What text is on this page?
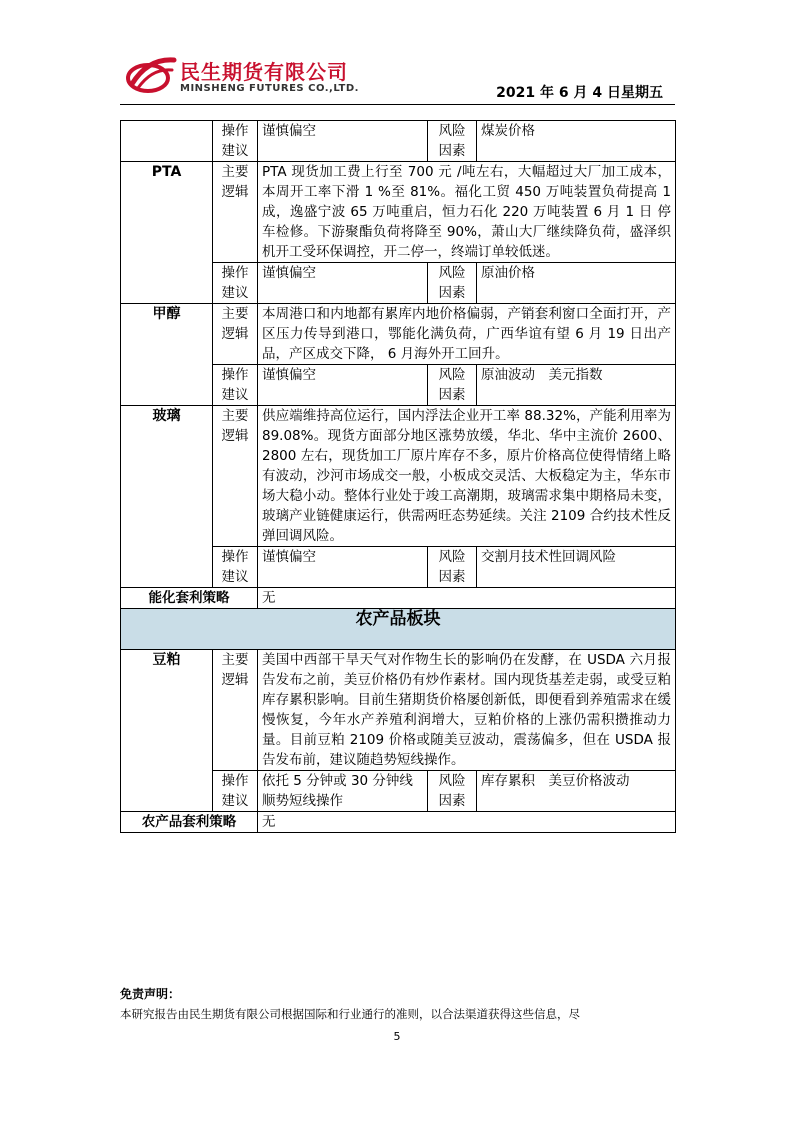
民生期货有限公司
MINSHENG FUTURES CO.,LTD.	2021 年 6 月 4 日星期五
	操作建议	谨慎偏空	风险因素	煤炭价格
PTA	主要逻辑	PTA 现货加工费上行至 700 元 /吨左右，大幅超过大厂加工成本，本周开工率下滑 1 %至 81%。福化工贸 450 万吨装置负荷提高 1 成，逸盛宁波 65 万吨重启，恒力石化 220 万吨装置 6 月 1 日 停车检修。下游聚酯负荷将降至 90%，萧山大厂继续降负荷，盛泽织机开工受环保调控，开二停一，终端订单较低迷。		
	操作建议	谨慎偏空	风险因素	原油价格
甲醇	主要逻辑	本周港口和内地都有累库内地价格偏弱，产销套利窗口全面打开，产区压力传导到港口，鄂能化满负荷，广西华谊有望 6 月 19 日出产品，产区成交下降， 6 月海外开工回升。		
	操作建议	谨慎偏空	风险因素	原油波动　美元指数
玻璃	主要逻辑	供应端维持高位运行，国内浮法企业开工率 88.32%，产能利用率为 89.08%。现货方面部分地区涨势放缓，华北、华中主流价 2600、2800 左右，现货加工厂原片库存不多，原片价格高位使得情绪上略有波动，沙河市场成交一般，小板成交灵活、大板稳定为主，华东市场大稳小动。整体行业处于竣工高潮期，玻璃需求集中期格局未变，玻璃产业链健康运行，供需两旺态势延续。关注 2109 合约技术性反弹回调风险。		
	操作建议	谨慎偏空	风险因素	交割月技术性回调风险
能化套利策略		无		
农产品板块				
豆粕	主要逻辑	美国中西部干旱天气对作物生长的影响仍在发酵，在 USDA 六月报告发布之前，美豆价格仍有炒作素材。国内现货基差走弱，或受豆粕库存累积影响。目前生猪期货价格屡创新低，即便看到养殖需求在缓慢恢复，今年水产养殖利润增大，豆粕价格的上涨仍需积攒推动力量。目前豆粕 2109 价格或随美豆波动，震荡偏多，但在 USDA 报告发布前，建议随趋势短线操作。		
	操作建议	依托 5 分钟或 30 分钟线顺势短线操作	风险因素	库存累积　美豆价格波动
农产品套利策略		无		
免责声明：
本研究报告由民生期货有限公司根据国际和行业通行的准则，以合法渠道获得这些信息，尽
5
